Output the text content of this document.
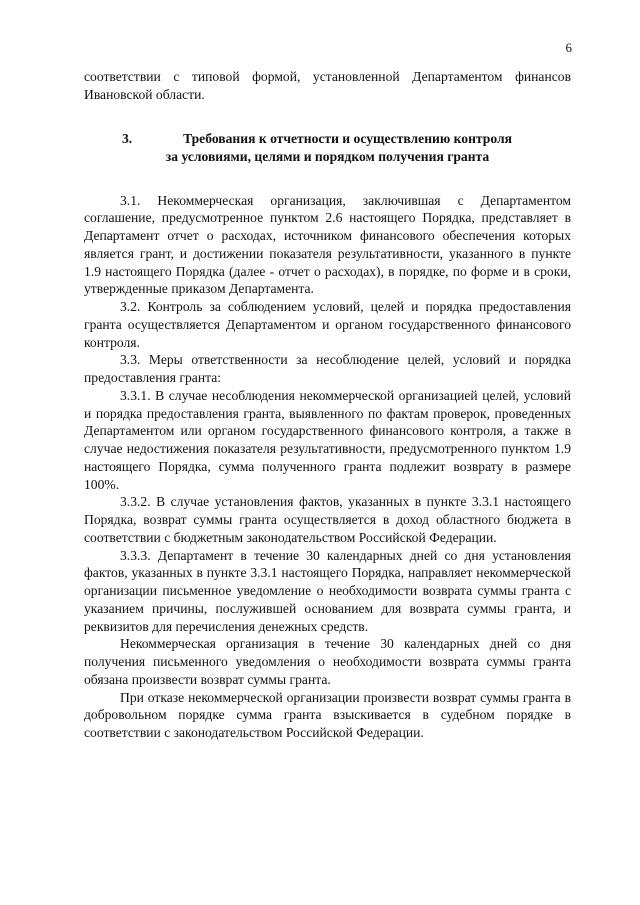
6

соответствии с типовой формой, установленной Департаментом финансов Ивановской области.

3.	Требования к отчетности и осуществлению контроля
за условиями, целями и порядком получения гранта

3.1. Некоммерческая организация, заключившая с Департаментом соглашение, предусмотренное пунктом 2.6 настоящего Порядка, представляет в Департамент отчет о расходах, источником финансового обеспечения которых является грант, и достижении показателя результативности, указанного в пункте 1.9 настоящего Порядка (далее - отчет о расходах), в порядке, по форме и в сроки, утвержденные приказом Департамента.

3.2. Контроль за соблюдением условий, целей и порядка предоставления гранта осуществляется Департаментом и органом государственного финансового контроля.

3.3. Меры ответственности за несоблюдение целей, условий и порядка предоставления гранта:

3.3.1. В случае несоблюдения некоммерческой организацией целей, условий и порядка предоставления гранта, выявленного по фактам проверок, проведенных Департаментом или органом государственного финансового контроля, а также в случае недостижения показателя результативности, предусмотренного пунктом 1.9 настоящего Порядка, сумма полученного гранта подлежит возврату в размере 100%.

3.3.2. В случае установления фактов, указанных в пункте 3.3.1 настоящего Порядка, возврат суммы гранта осуществляется в доход областного бюджета в соответствии с бюджетным законодательством Российской Федерации.

3.3.3. Департамент в течение 30 календарных дней со дня установления фактов, указанных в пункте 3.3.1 настоящего Порядка, направляет некоммерческой организации письменное уведомление о необходимости возврата суммы гранта с указанием причины, послужившей основанием для возврата суммы гранта, и реквизитов для перечисления денежных средств.

Некоммерческая организация в течение 30 календарных дней со дня получения письменного уведомления о необходимости возврата суммы гранта обязана произвести возврат суммы гранта.

При отказе некоммерческой организации произвести возврат суммы гранта в добровольном порядке сумма гранта взыскивается в судебном порядке в соответствии с законодательством Российской Федерации.
